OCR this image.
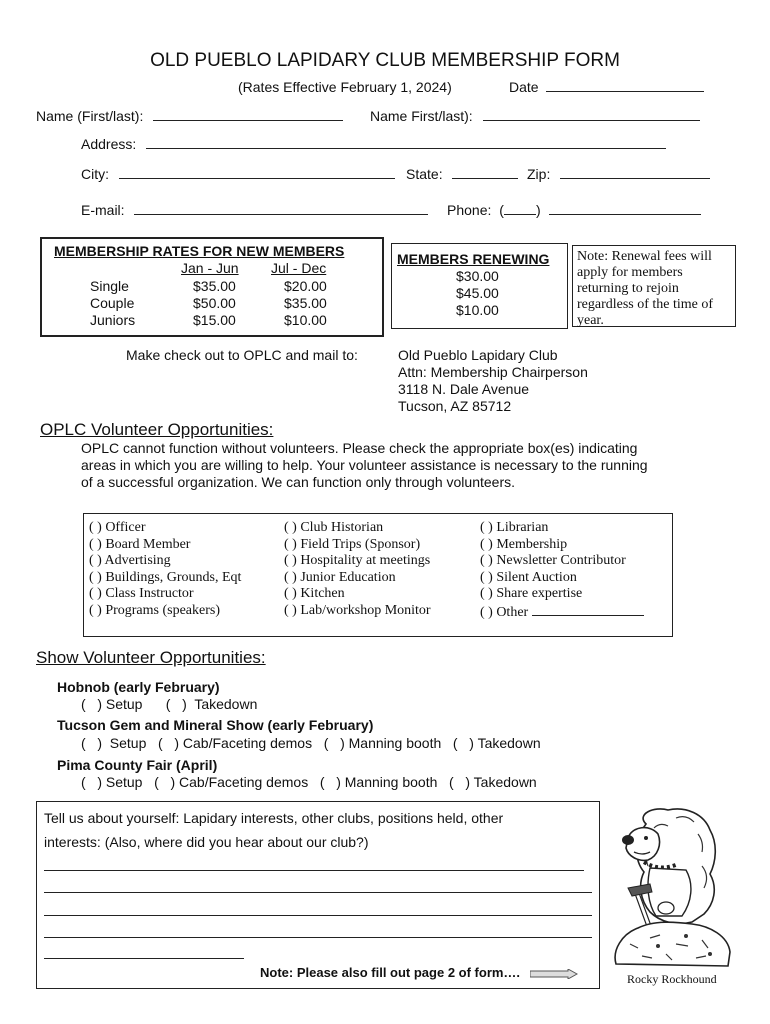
OLD PUEBLO LAPIDARY CLUB MEMBERSHIP FORM
(Rates Effective February 1, 2024)	Date
Name (First/last):	Name First/last):
Address:
City:	State:	Zip:
E-mail:	Phone: ( )
MEMBERSHIP RATES FOR NEW MEMBERS
Jan - Jun Jul - Dec
Single	$35.00	$20.00
Couple	$50.00	$35.00
Juniors	$15.00	$10.00
MEMBERS RENEWING
$30.00
$45.00
$10.00
Note: Renewal fees will apply for members returning to rejoin regardless of the time of year.
Make check out to OPLC and mail to:	Old Pueblo Lapidary Club
Attn: Membership Chairperson
3118 N. Dale Avenue
Tucson, AZ 85712
OPLC Volunteer Opportunities:
OPLC cannot function without volunteers. Please check the appropriate box(es) indicating
areas in which you are willing to help. Your volunteer assistance is necessary to the running
of a successful organization. We can function only through volunteers.
( ) Officer
( ) Board Member
( ) Advertising
( ) Buildings, Grounds, Eqt
( ) Class Instructor
( ) Programs (speakers)
( ) Club Historian
( ) Field Trips (Sponsor)
( ) Hospitality at meetings
( ) Junior Education
( ) Kitchen
( ) Lab/workshop Monitor
( ) Librarian
( ) Membership
( ) Newsletter Contributor
( ) Silent Auction
( ) Share expertise
( ) Other
Show Volunteer Opportunities:
Hobnob (early February)
(   ) Setup      (   )  Takedown
Tucson Gem and Mineral Show (early February)
(   )  Setup   (   ) Cab/Faceting demos   (   ) Manning booth   (   ) Takedown
Pima County Fair (April)
(   ) Setup   (   ) Cab/Faceting demos   (   ) Manning booth   (   ) Takedown
Tell us about yourself: Lapidary interests, other clubs, positions held, other
interests: (Also, where did you hear about our club?)
Note: Please also fill out page 2 of form….	Rocky Rockhound
